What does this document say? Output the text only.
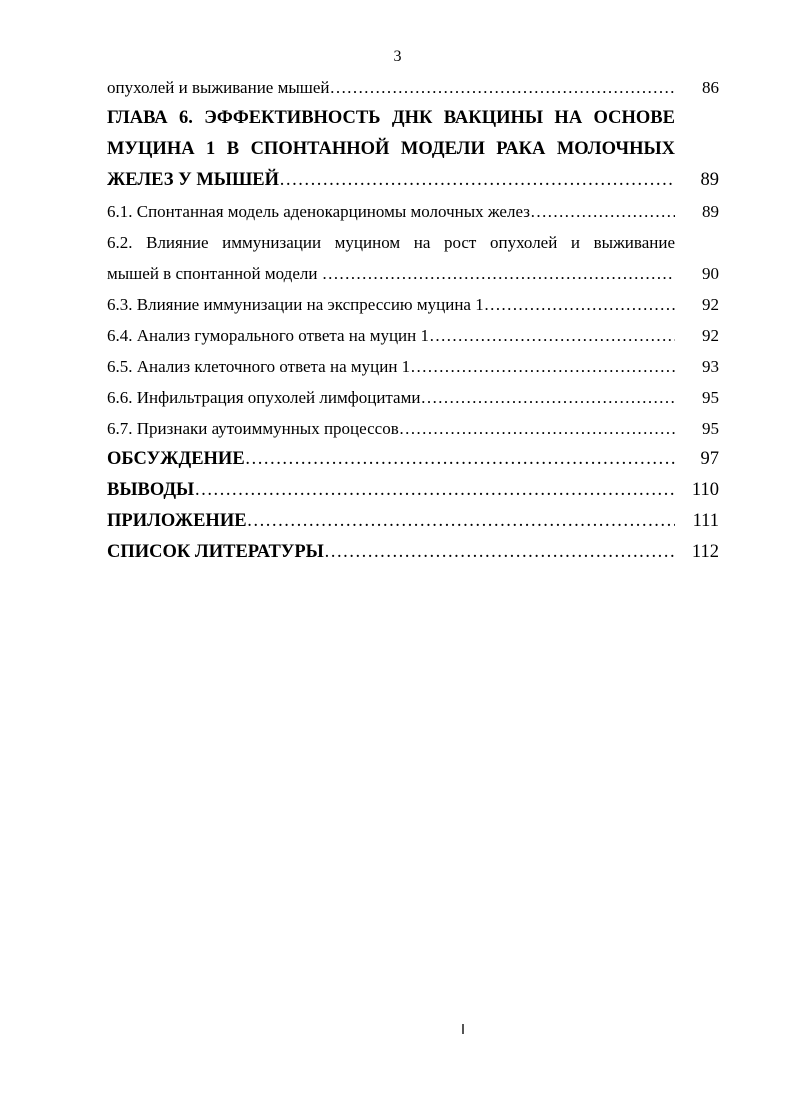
3
опухолей и выживание мышей ……………………………………………………………………………………………………………………………………………………………………	86
ГЛАВА 6. ЭФФЕКТИВНОСТЬ ДНК ВАКЦИНЫ НА ОСНОВЕ
МУЦИНА 1 В СПОНТАННОЙ МОДЕЛИ РАКА МОЛОЧНЫХ
ЖЕЛЕЗ У МЫШЕЙ ……………………………………………………………………………………………………………………………………………………………………	89
6.1. Спонтанная модель аденокарциномы молочных желез ……………………………………………………………………………………………………………………………………………………………………	89
6.2. Влияние иммунизации муцином на рост опухолей и выживание
мышей в спонтанной модели ……………………………………………………………………………………………………………………………………………………………………	90
6.3. Влияние иммунизации на экспрессию муцина 1 ……………………………………………………………………………………………………………………………………………………………………	92
6.4. Анализ гуморального ответа на муцин 1 ……………………………………………………………………………………………………………………………………………………………………	92
6.5. Анализ клеточного ответа на муцин 1 ……………………………………………………………………………………………………………………………………………………………………	93
6.6. Инфильтрация опухолей лимфоцитами ……………………………………………………………………………………………………………………………………………………………………	95
6.7. Признаки аутоиммунных процессов ……………………………………………………………………………………………………………………………………………………………………	95
ОБСУЖДЕНИЕ ……………………………………………………………………………………………………………………………………………………………………	97
ВЫВОДЫ ……………………………………………………………………………………………………………………………………………………………………	110
ПРИЛОЖЕНИЕ ……………………………………………………………………………………………………………………………………………………………………	111
СПИСОК ЛИТЕРАТУРЫ ……………………………………………………………………………………………………………………………………………………………………	112
